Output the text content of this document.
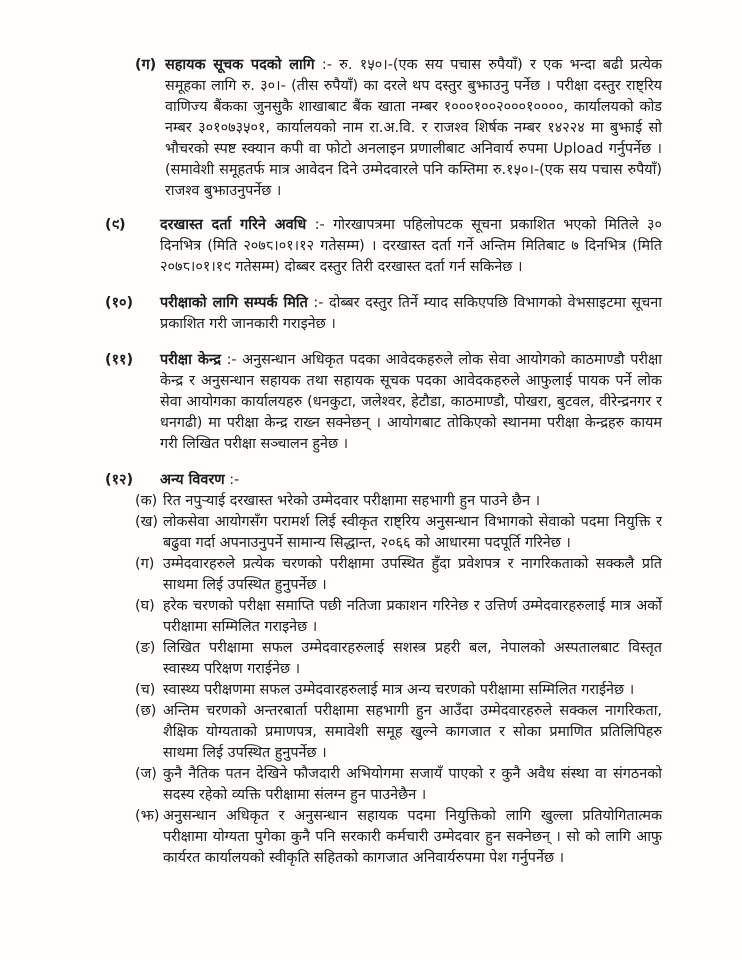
(ग) सहायक सूचक पदको लागि :- रु. १५०।-(एक सय पचास रुपैयाँ) र एक भन्दा बढी प्रत्येक समूहका लागि रु. ३०।- (तीस रुपैयाँ) का दरले थप दस्तुर बुझाउनु पर्नेछ । परीक्षा दस्तुर राष्ट्रिय वाणिज्य बैंकका जुनसुकै शाखाबाट बैंक खाता नम्बर १०००१००२०००१००००, कार्यालयको कोड नम्बर ३०१०७३५०१, कार्यालयको नाम रा.अ.वि. र राजश्व शिर्षक नम्बर १४२२४ मा बुझाई सो भौचरको स्पष्ट स्क्यान कपी वा फोटो अनलाइन प्रणालीबाट अनिवार्य रुपमा Upload गर्नुपर्नेछ । (समावेशी समूहतर्फ मात्र आवेदन दिने उम्मेदवारले पनि कम्तिमा रु.१५०।-(एक सय पचास रुपैयाँ) राजश्व बुझाउनुपर्नेछ ।
(९)	दरखास्त दर्ता गरिने अवधि :- गोरखापत्रमा पहिलोपटक सूचना प्रकाशित भएको मितिले ३० दिनभित्र (मिति २०७८।०१।१२ गतेसम्म) । दरखास्त दर्ता गर्ने अन्तिम मितिबाट ७ दिनभित्र (मिति २०७८।०१।१९ गतेसम्म) दोब्बर दस्तुर तिरी दरखास्त दर्ता गर्न सकिनेछ ।
(१०)	परीक्षाको लागि सम्पर्क मिति :- दोब्बर दस्तुर तिर्ने म्याद सकिएपछि विभागको वेभसाइटमा सूचना प्रकाशित गरी जानकारी गराइनेछ ।
(११)	परीक्षा केन्द्र :- अनुसन्धान अधिकृत पदका आवेदकहरुले लोक सेवा आयोगको काठमाण्डौ परीक्षा केन्द्र र अनुसन्धान सहायक तथा सहायक सूचक पदका आवेदकहरुले आफुलाई पायक पर्ने लोक सेवा आयोगका कार्यालयहरु (धनकुटा, जलेश्वर, हेटौडा, काठमाण्डौ, पोखरा, बुटवल, वीरेन्द्रनगर र धनगढी) मा परीक्षा केन्द्र राख्न सक्नेछन् । आयोगबाट तोकिएको स्थानमा परीक्षा केन्द्रहरु कायम गरी लिखित परीक्षा सञ्चालन हुनेछ ।
(१२)	अन्य विवरण :-
(क) रित नपुर्‍याई दरखास्त भरेको उम्मेदवार परीक्षामा सहभागी हुन पाउने छैन ।
(ख) लोकसेवा आयोगसँग परामर्श लिई स्वीकृत राष्ट्रिय अनुसन्धान विभागको सेवाको पदमा नियुक्ति र बढुवा गर्दा अपनाउनुपर्ने सामान्य सिद्धान्त, २०६६ को आधारमा पदपूर्ति गरिनेछ ।
(ग) उम्मेदवारहरुले प्रत्येक चरणको परीक्षामा उपस्थित हुँदा प्रवेशपत्र र नागरिकताको सक्कलै प्रति साथमा लिई उपस्थित हुनुपर्नेछ ।
(घ) हरेक चरणको परीक्षा समाप्ति पछी नतिजा प्रकाशन गरिनेछ र उत्तिर्ण उम्मेदवारहरुलाई मात्र अर्को परीक्षामा सम्मिलित गराइनेछ ।
(ङ) लिखित परीक्षामा सफल उम्मेदवारहरुलाई सशस्त्र प्रहरी बल, नेपालको अस्पतालबाट विस्तृत स्वास्थ्य परिक्षण गराईनेछ ।
(च) स्वास्थ्य परीक्षणमा सफल उम्मेदवारहरुलाई मात्र अन्य चरणको परीक्षामा सम्मिलित गराईनेछ ।
(छ) अन्तिम चरणको अन्तरबार्ता परीक्षामा सहभागी हुन आउँदा उम्मेदवारहरुले सक्कल नागरिकता, शैक्षिक योग्यताको प्रमाणपत्र, समावेशी समूह खुल्ने कागजात र सोका प्रमाणित प्रतिलिपिहरु साथमा लिई उपस्थित हुनुपर्नेछ ।
(ज) कुनै नैतिक पतन देखिने फौजदारी अभियोगमा सजायँ पाएको र कुनै अवैध संस्था वा संगठनको सदस्य रहेको व्यक्ति परीक्षामा संलग्न हुन पाउनेछैन ।
(झ) अनुसन्धान अधिकृत र अनुसन्धान सहायक पदमा नियुक्तिको लागि खुल्ला प्रतियोगितात्मक परीक्षामा योग्यता पुगेका कुनै पनि सरकारी कर्मचारी उम्मेदवार हुन सक्नेछन् । सो को लागि आफु कार्यरत कार्यालयको स्वीकृति सहितको कागजात अनिवार्यरुपमा पेश गर्नुपर्नेछ ।
